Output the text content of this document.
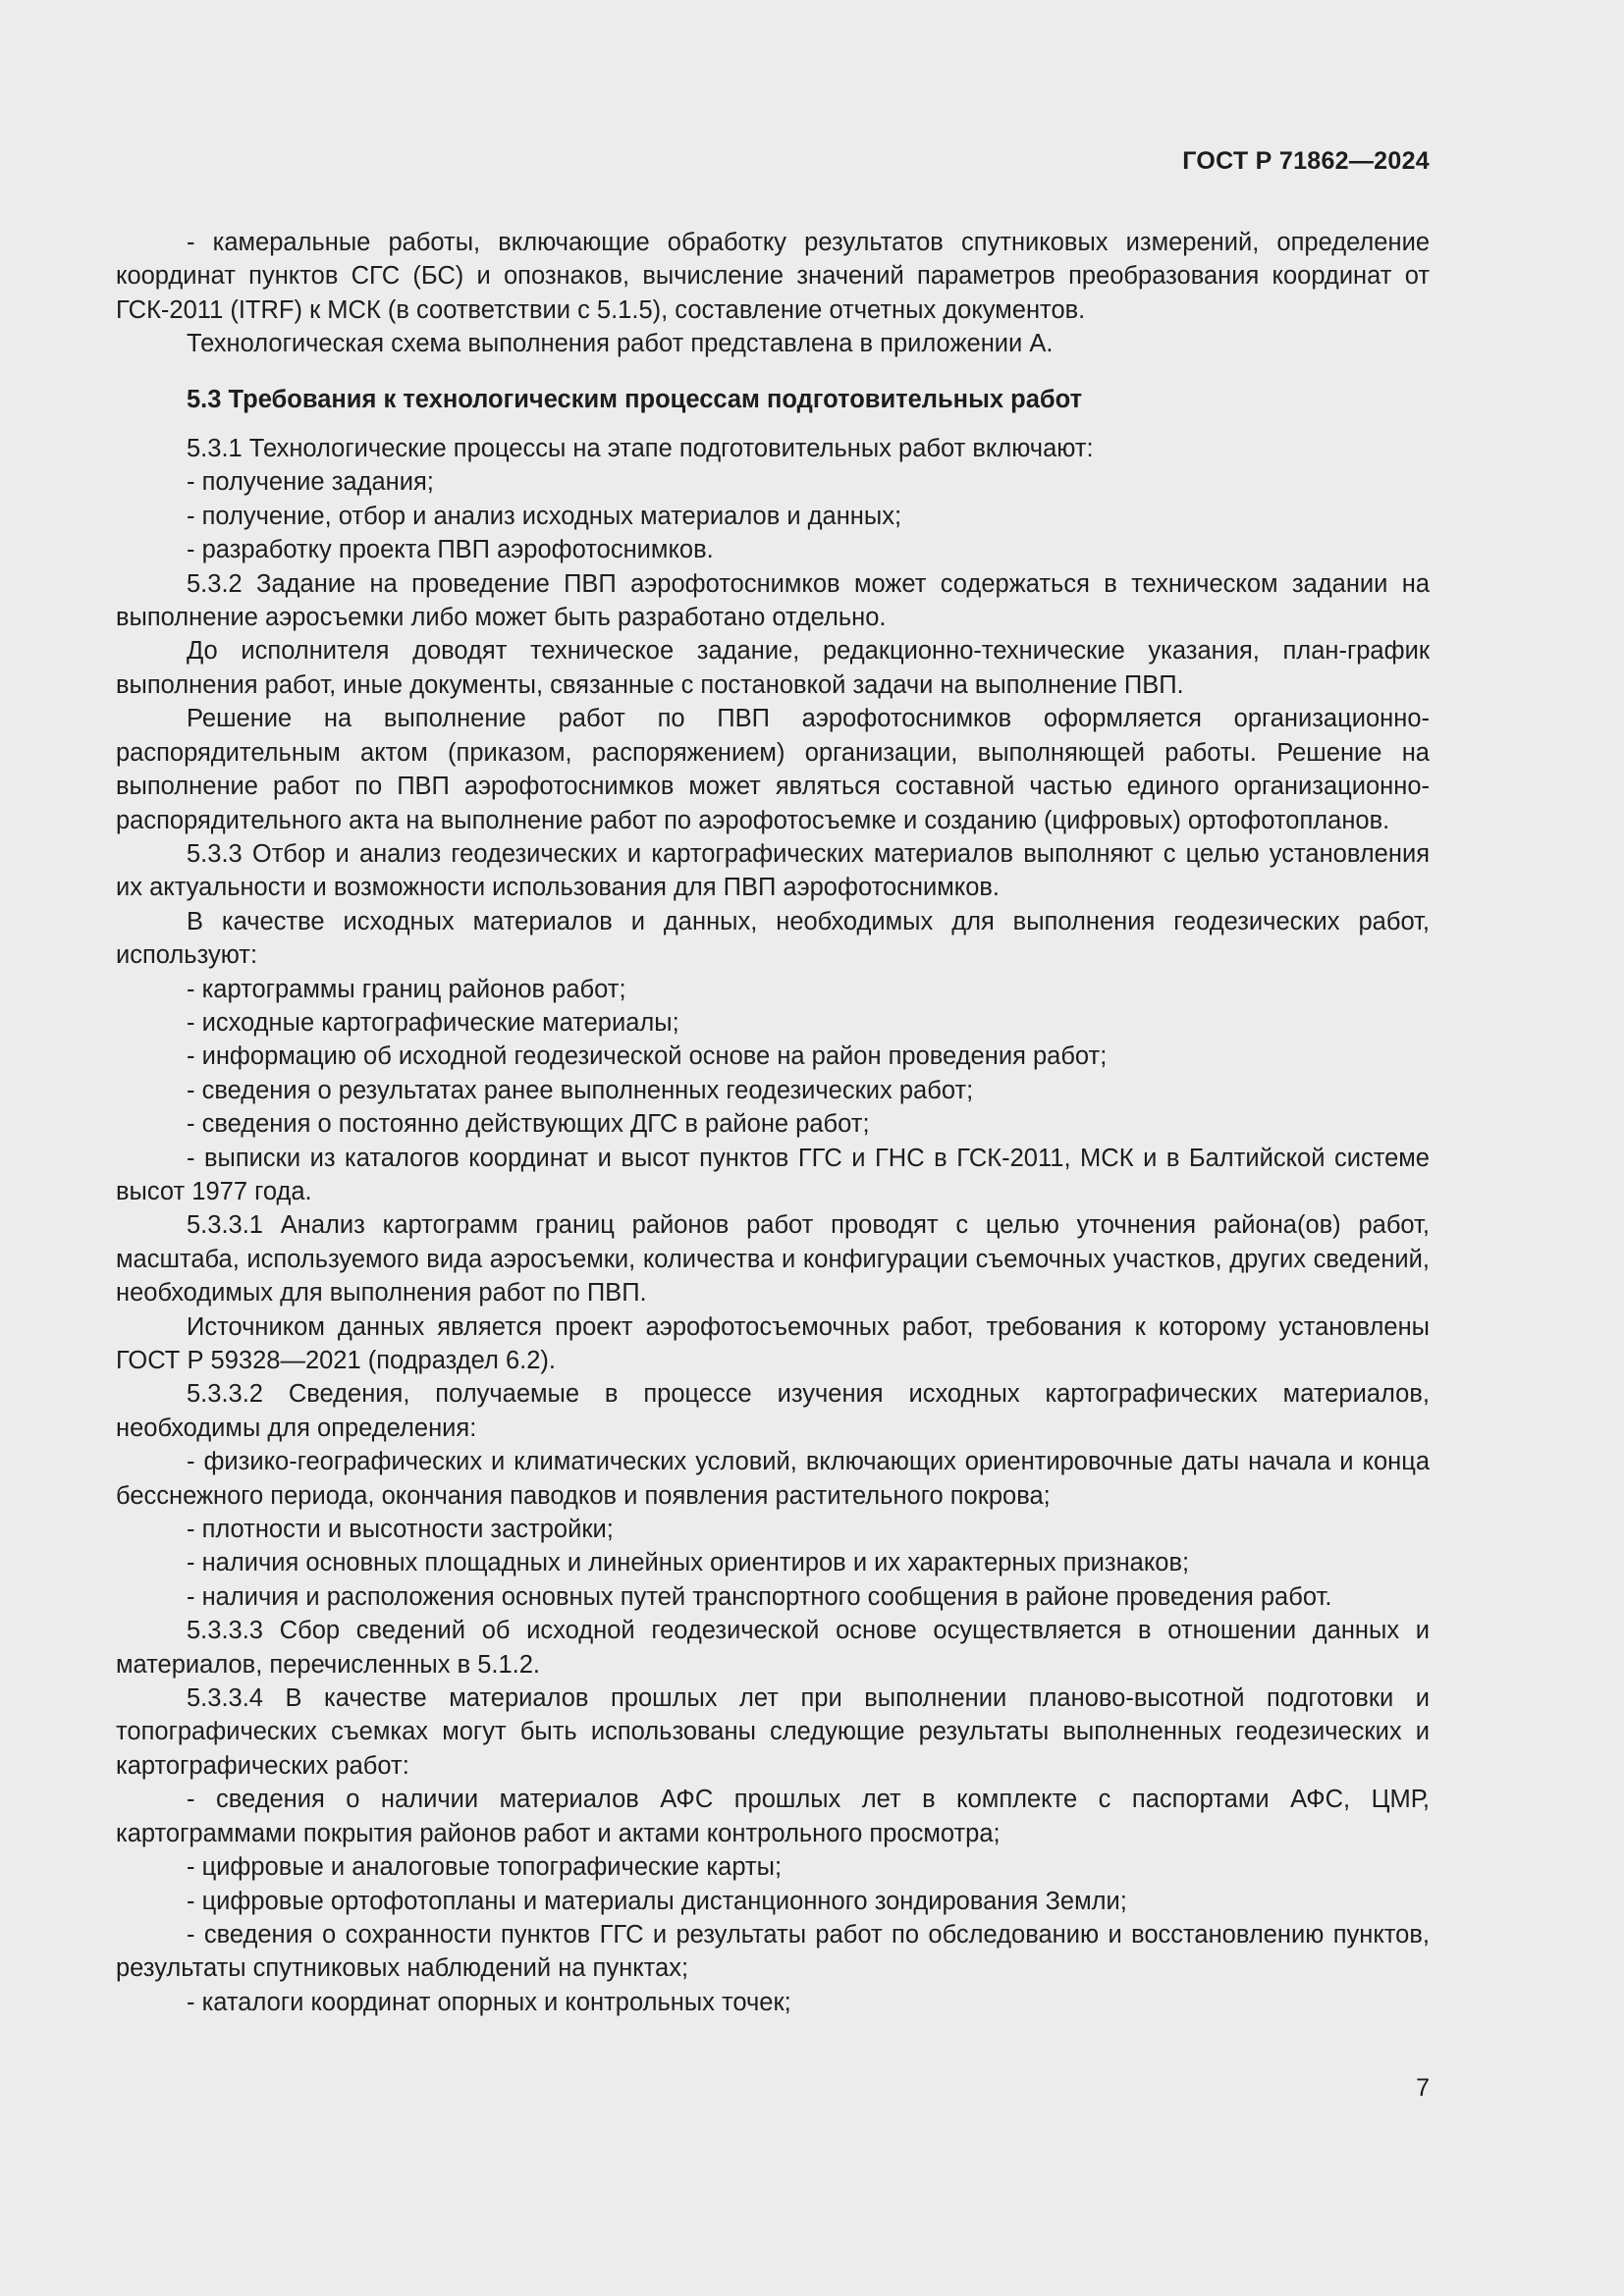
ГОСТ Р 71862—2024

- камеральные работы, включающие обработку результатов спутниковых измерений, определение координат пунктов СГС (БС) и опознаков, вычисление значений параметров преобразования координат от ГСК-2011 (ITRF) к МСК (в соответствии с 5.1.5), составление отчетных документов.

Технологическая схема выполнения работ представлена в приложении А.

5.3 Требования к технологическим процессам подготовительных работ

5.3.1 Технологические процессы на этапе подготовительных работ включают:

- получение задания;

- получение, отбор и анализ исходных материалов и данных;

- разработку проекта ПВП аэрофотоснимков.

5.3.2 Задание на проведение ПВП аэрофотоснимков может содержаться в техническом задании на выполнение аэросъемки либо может быть разработано отдельно.

До исполнителя доводят техническое задание, редакционно-технические указания, план-график выполнения работ, иные документы, связанные с постановкой задачи на выполнение ПВП.

Решение на выполнение работ по ПВП аэрофотоснимков оформляется организационно-распорядительным актом (приказом, распоряжением) организации, выполняющей работы. Решение на выполнение работ по ПВП аэрофотоснимков может являться составной частью единого организационно-распорядительного акта на выполнение работ по аэрофотосъемке и созданию (цифровых) ортофотопланов.

5.3.3 Отбор и анализ геодезических и картографических материалов выполняют с целью установления их актуальности и возможности использования для ПВП аэрофотоснимков.

В качестве исходных материалов и данных, необходимых для выполнения геодезических работ, используют:

- картограммы границ районов работ;

- исходные картографические материалы;

- информацию об исходной геодезической основе на район проведения работ;

- сведения о результатах ранее выполненных геодезических работ;

- сведения о постоянно действующих ДГС в районе работ;

- выписки из каталогов координат и высот пунктов ГГС и ГНС в ГСК-2011, МСК и в Балтийской системе высот 1977 года.

5.3.3.1 Анализ картограмм границ районов работ проводят с целью уточнения района(ов) работ, масштаба, используемого вида аэросъемки, количества и конфигурации съемочных участков, других сведений, необходимых для выполнения работ по ПВП.

Источником данных является проект аэрофотосъемочных работ, требования к которому установлены ГОСТ Р 59328—2021 (подраздел 6.2).

5.3.3.2 Сведения, получаемые в процессе изучения исходных картографических материалов, необходимы для определения:

- физико-географических и климатических условий, включающих ориентировочные даты начала и конца бесснежного периода, окончания паводков и появления растительного покрова;

- плотности и высотности застройки;

- наличия основных площадных и линейных ориентиров и их характерных признаков;

- наличия и расположения основных путей транспортного сообщения в районе проведения работ.

5.3.3.3 Сбор сведений об исходной геодезической основе осуществляется в отношении данных и материалов, перечисленных в 5.1.2.

5.3.3.4 В качестве материалов прошлых лет при выполнении планово-высотной подготовки и топографических съемках могут быть использованы следующие результаты выполненных геодезических и картографических работ:

- сведения о наличии материалов АФС прошлых лет в комплекте с паспортами АФС, ЦМР, картограммами покрытия районов работ и актами контрольного просмотра;

- цифровые и аналоговые топографические карты;

- цифровые ортофотопланы и материалы дистанционного зондирования Земли;

- сведения о сохранности пунктов ГГС и результаты работ по обследованию и восстановлению пунктов, результаты спутниковых наблюдений на пунктах;

- каталоги координат опорных и контрольных точек;

7
